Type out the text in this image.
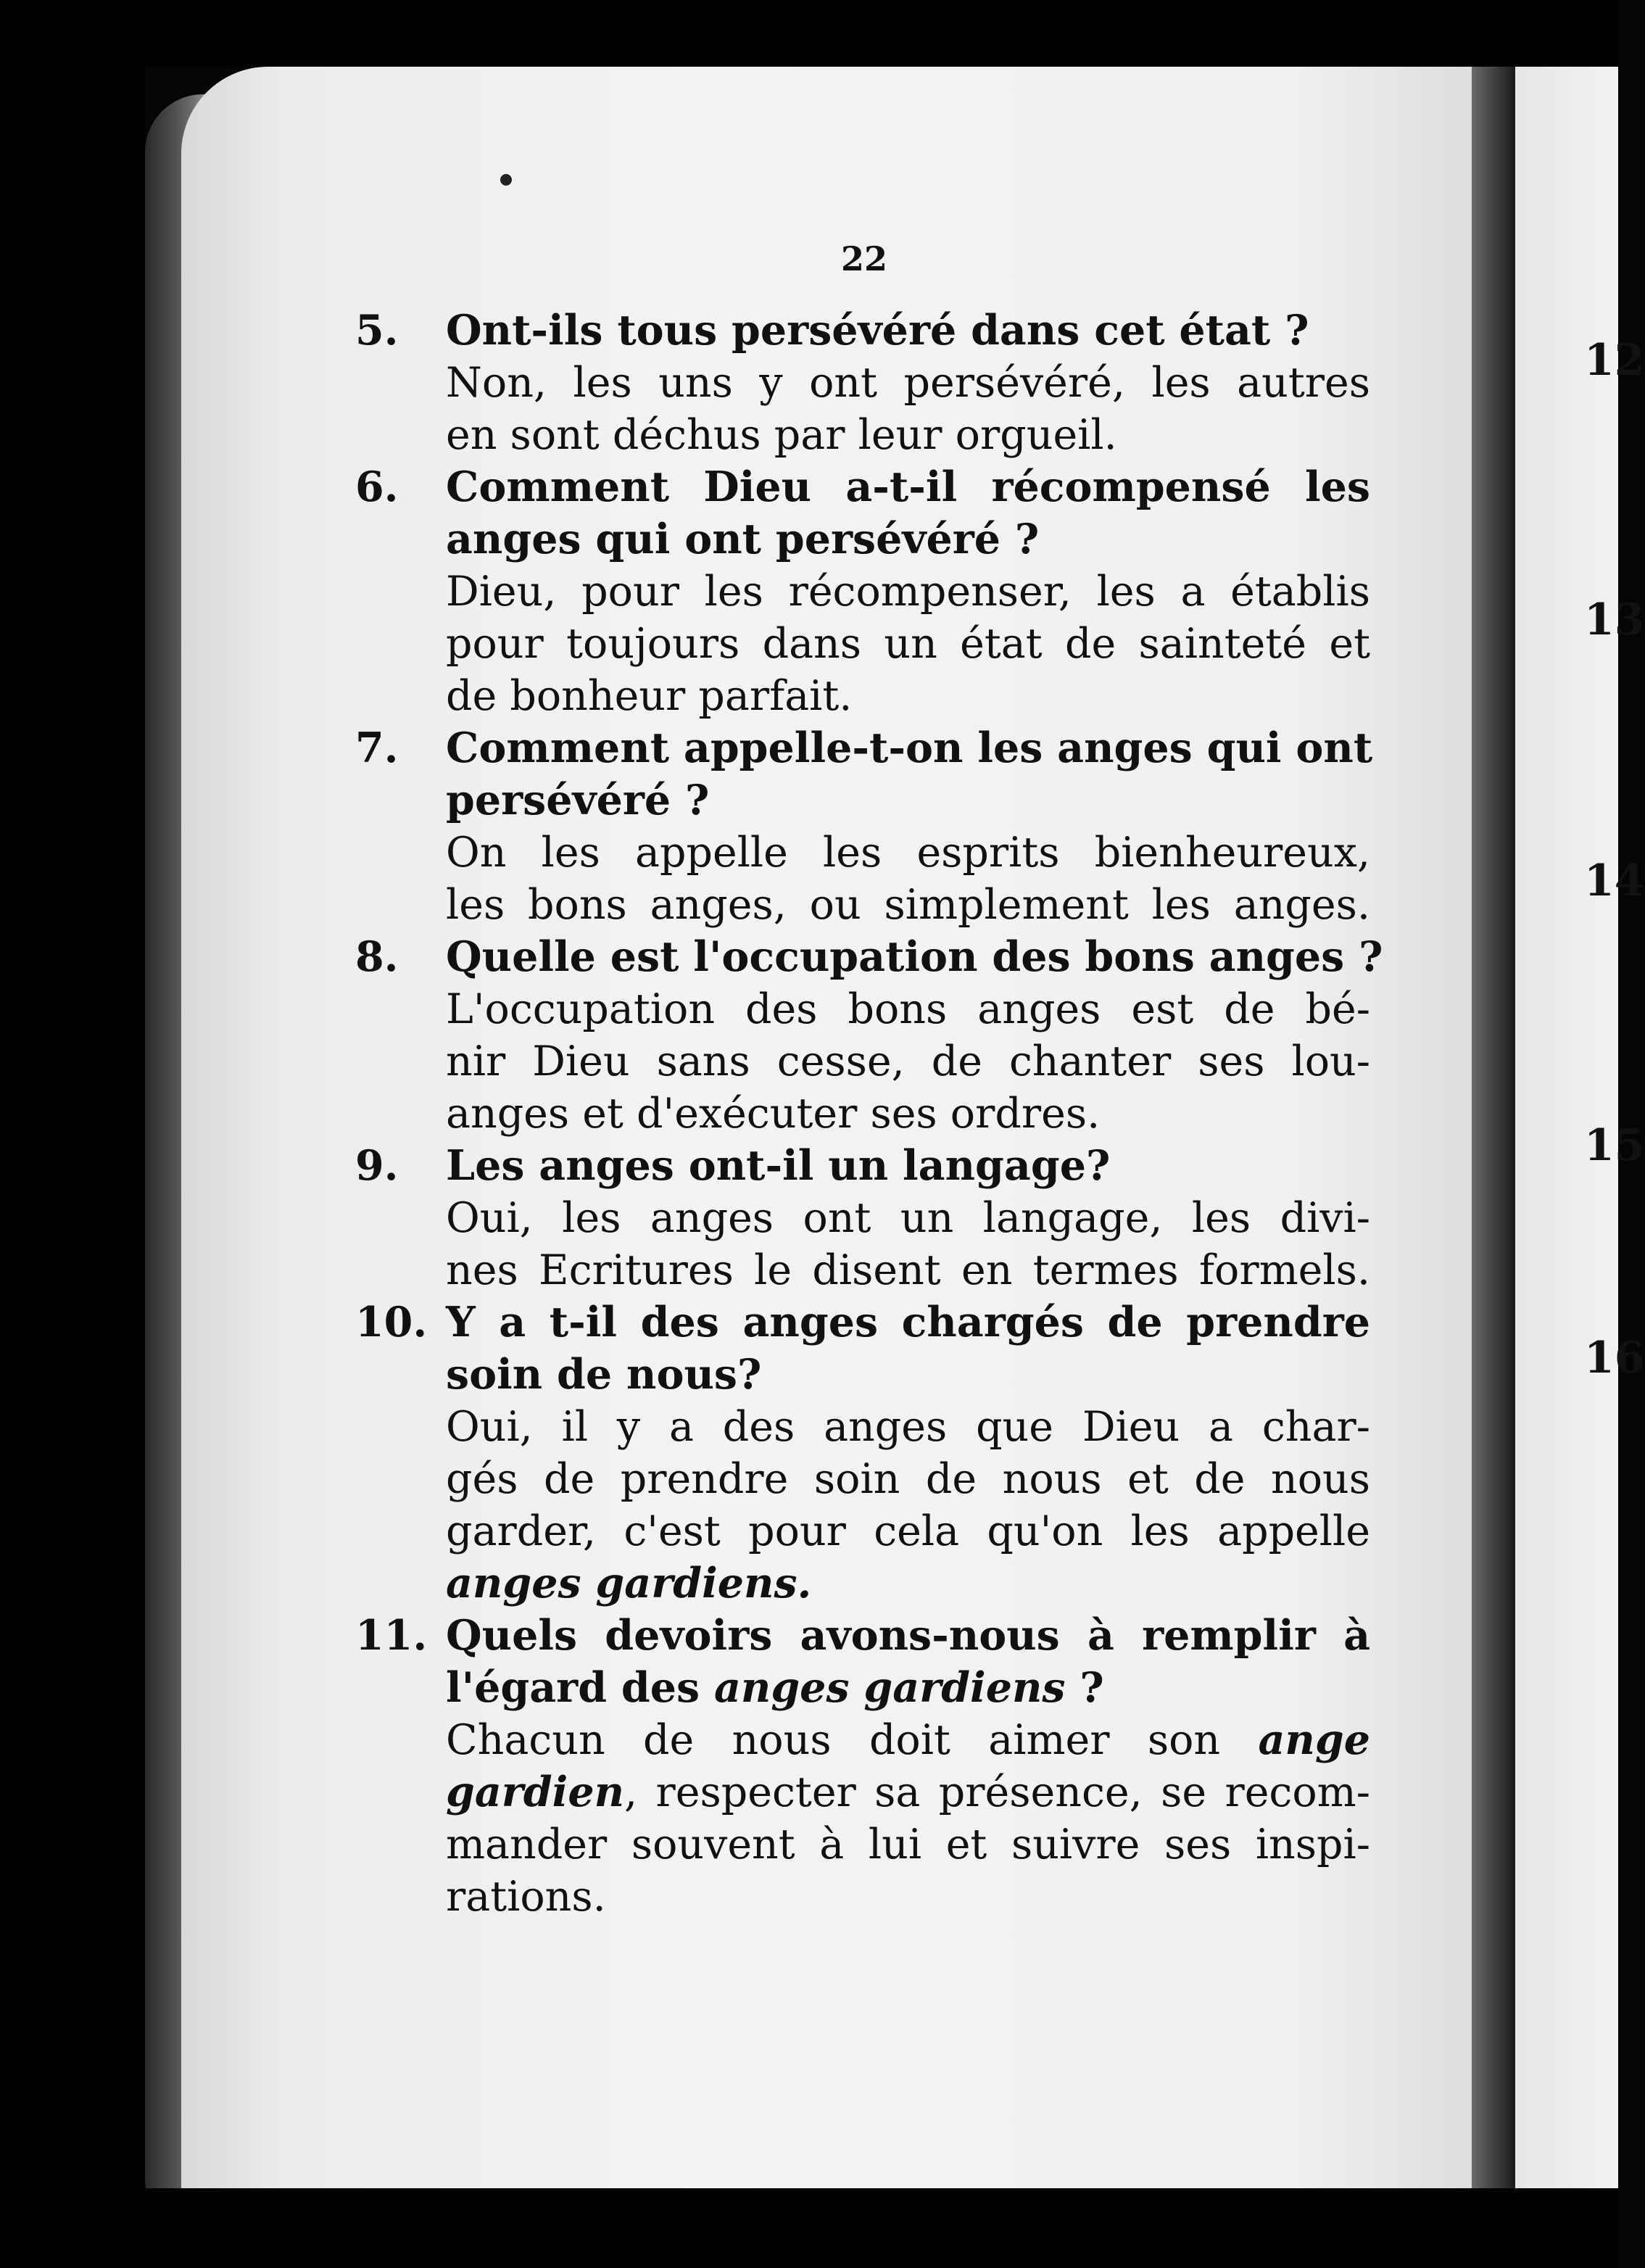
12
13
14
15
16
22
5.	Ont-ils tous persévéré dans cet état ?
Non, les uns y ont persévéré, les autres
en sont déchus par leur orgueil.
6.	Comment Dieu a-t-il récompensé les
anges qui ont persévéré ?
Dieu, pour les récompenser, les a établis
pour toujours dans un état de sainteté et
de bonheur parfait.
7.	Comment appelle-t-on les anges qui ont
persévéré ?
On les appelle les esprits bienheureux,
les bons anges, ou simplement les anges.
8.	Quelle est l'occupation des bons anges ?
L'occupation des bons anges est de bé-
nir Dieu sans cesse, de chanter ses lou-
anges et d'exécuter ses ordres.
9.	Les anges ont-il un langage?
Oui, les anges ont un langage, les divi-
nes Ecritures le disent en termes formels.
10. Y a t-il des anges chargés de prendre
soin de nous?
Oui, il y a des anges que Dieu a char-
gés de prendre soin de nous et de nous
garder, c'est pour cela qu'on les appelle
anges gardiens.
11. Quels devoirs avons-nous à remplir à
l'égard des anges gardiens ?
Chacun de nous doit aimer son ange
gardien, respecter sa présence, se recom-
mander souvent à lui et suivre ses inspi-
rations.
